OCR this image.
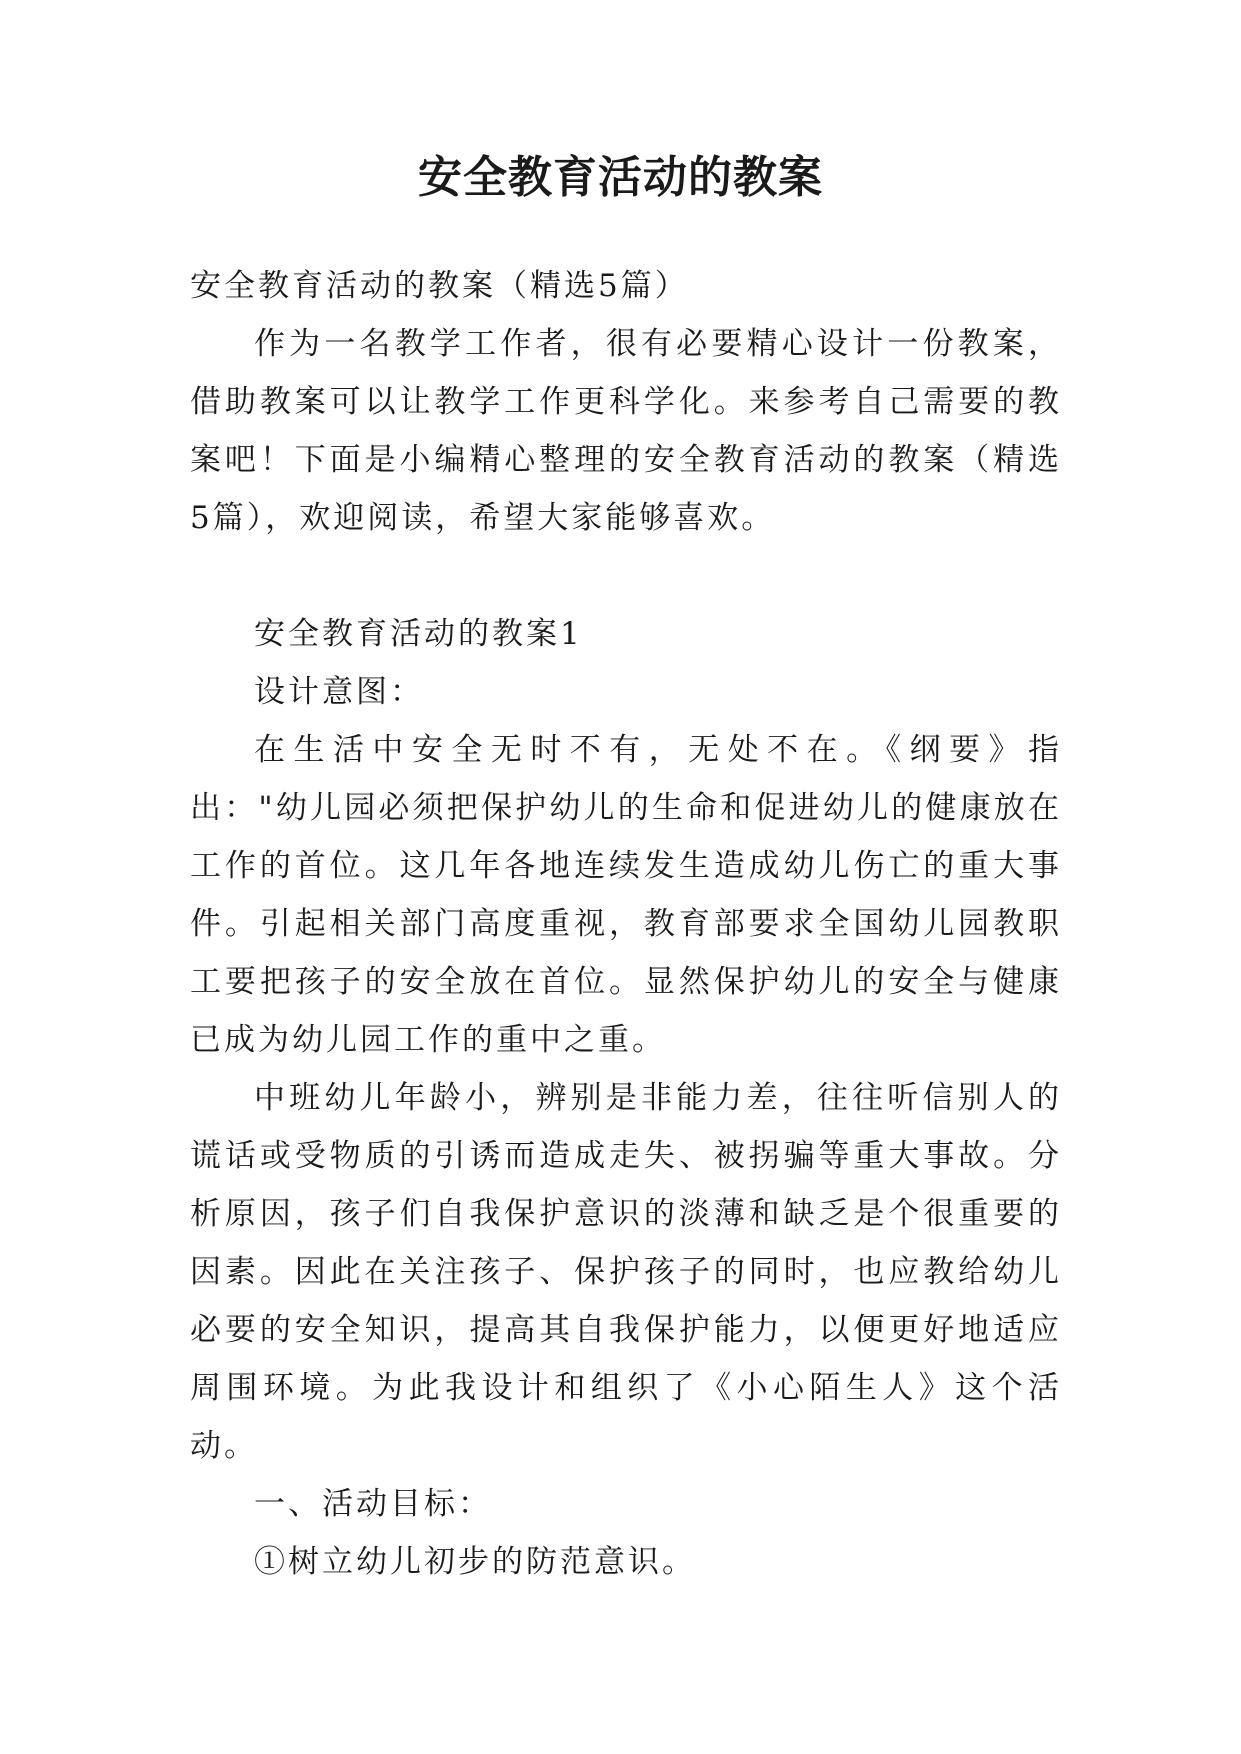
安全教育活动的教案

安全教育活动的教案（精选5篇）

作为一名教学工作者，很有必要精心设计一份教案，借助教案可以让教学工作更科学化。来参考自己需要的教案吧！下面是小编精心整理的安全教育活动的教案（精选5篇），欢迎阅读，希望大家能够喜欢。

安全教育活动的教案1

设计意图：

在生活中安全无时不有，无处不在。《纲要》指出："幼儿园必须把保护幼儿的生命和促进幼儿的健康放在工作的首位。这几年各地连续发生造成幼儿伤亡的重大事件。引起相关部门高度重视，教育部要求全国幼儿园教职工要把孩子的安全放在首位。显然保护幼儿的安全与健康已成为幼儿园工作的重中之重。

中班幼儿年龄小，辨别是非能力差，往往听信别人的谎话或受物质的引诱而造成走失、被拐骗等重大事故。分析原因，孩子们自我保护意识的淡薄和缺乏是个很重要的因素。因此在关注孩子、保护孩子的同时，也应教给幼儿必要的安全知识，提高其自我保护能力，以便更好地适应周围环境。为此我设计和组织了《小心陌生人》这个活动。

一、活动目标：

①树立幼儿初步的防范意识。
